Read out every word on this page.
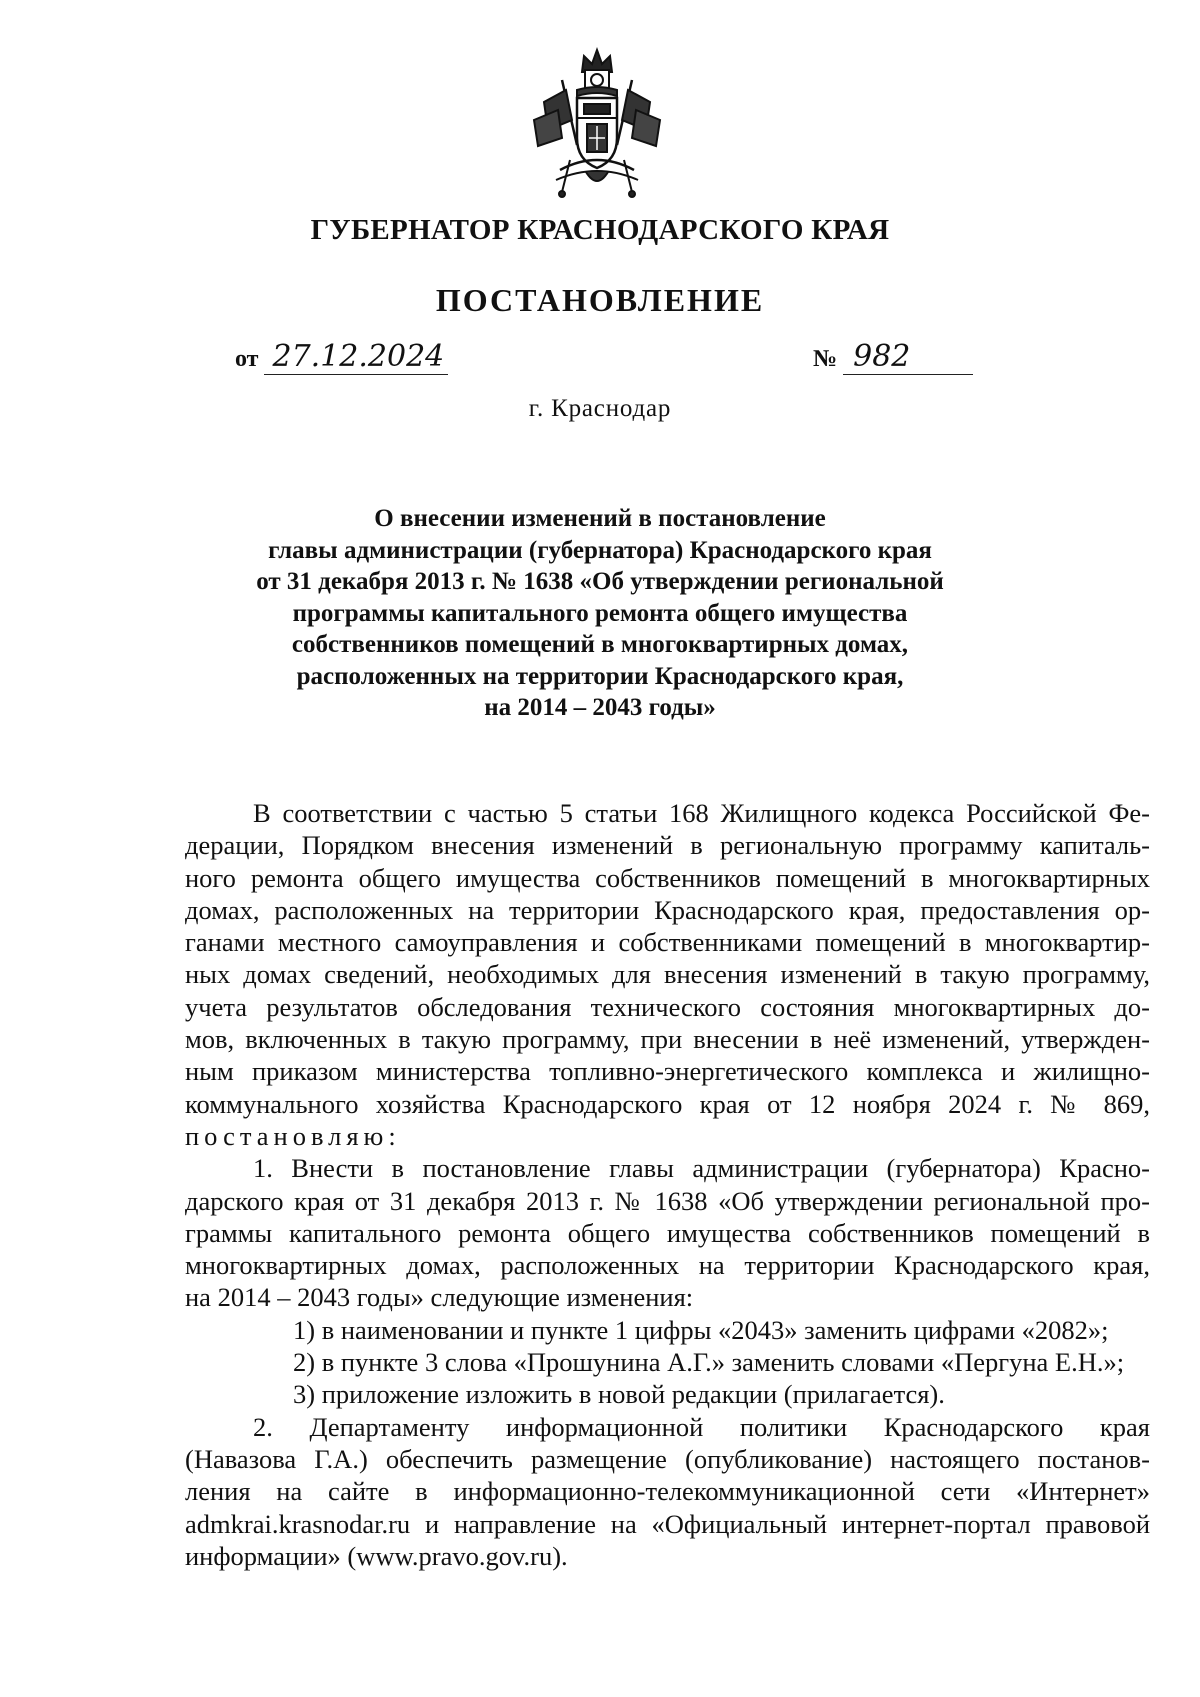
ГУБЕРНАТОР КРАСНОДАРСКОГО КРАЯ
ПОСТАНОВЛЕНИЕ
от 27.12.2024	№ 982
г. Краснодар
О внесении изменений в постановление
главы администрации (губернатора) Краснодарского края
от 31 декабря 2013 г. № 1638 «Об утверждении региональной
программы капитального ремонта общего имущества
собственников помещений в многоквартирных домах,
расположенных на территории Краснодарского края,
на 2014 – 2043 годы»
В соответствии с частью 5 статьи 168 Жилищного кодекса Российской Фе-
дерации, Порядком внесения изменений в региональную программу капиталь-
ного ремонта общего имущества собственников помещений в многоквартирных
домах, расположенных на территории Краснодарского края, предоставления ор-
ганами местного самоуправления и собственниками помещений в многоквартир-
ных домах сведений, необходимых для внесения изменений в такую программу,
учета результатов обследования технического состояния многоквартирных до-
мов, включенных в такую программу, при внесении в неё изменений, утвержден-
ным приказом министерства топливно-энергетического комплекса и жилищно-
коммунального хозяйства Краснодарского края от 12 ноября 2024 г. № 869,
постановляю:
1. Внести в постановление главы администрации (губернатора) Красно-
дарского края от 31 декабря 2013 г. № 1638 «Об утверждении региональной про-
граммы капитального ремонта общего имущества собственников помещений в
многоквартирных домах, расположенных на территории Краснодарского края,
на 2014 – 2043 годы» следующие изменения:
1) в наименовании и пункте 1 цифры «2043» заменить цифрами «2082»;
2) в пункте 3 слова «Прошунина А.Г.» заменить словами «Пергуна Е.Н.»;
3) приложение изложить в новой редакции (прилагается).
2. Департаменту информационной политики Краснодарского края
(Навазова Г.А.) обеспечить размещение (опубликование) настоящего постанов-
ления на сайте в информационно-телекоммуникационной сети «Интернет»
admkrai.krasnodar.ru и направление на «Официальный интернет-портал правовой
информации» (www.pravo.gov.ru).
